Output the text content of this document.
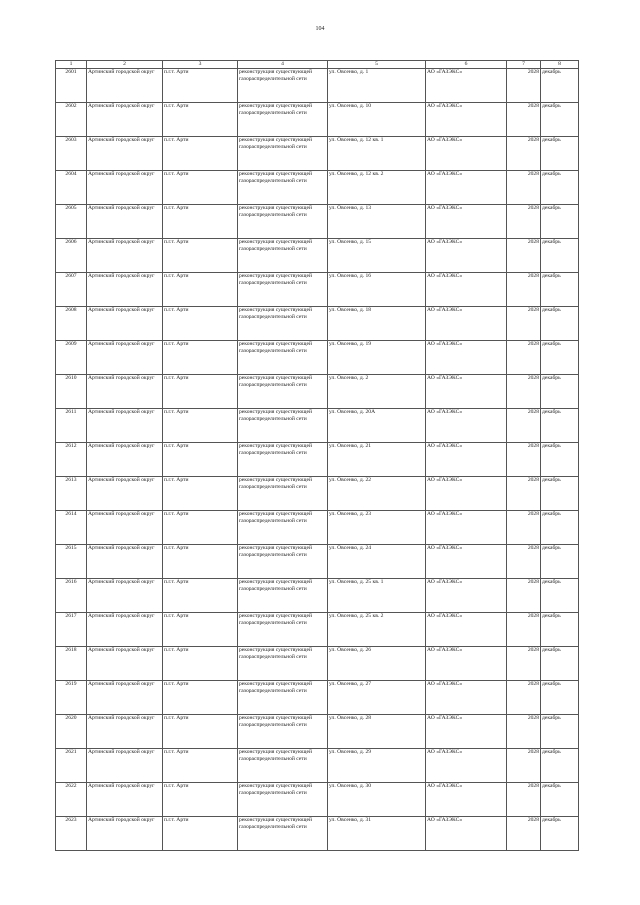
104
1	2	3	4	5	6	7	8
2601	Артинский городской округ	п.г.т. Арти	реконструкция существующей газораспределительной сети	ул. Овсенко, д. 1	АО «ГАЗЭКС»	2028	декабрь
2602	Артинский городской округ	п.г.т. Арти	реконструкция существующей газораспределительной сети	ул. Овсенко, д. 10	АО «ГАЗЭКС»	2028	декабрь
2603	Артинский городской округ	п.г.т. Арти	реконструкция существующей газораспределительной сети	ул. Овсенко, д. 12 кв. 1	АО «ГАЗЭКС»	2028	декабрь
2604	Артинский городской округ	п.г.т. Арти	реконструкция существующей газораспределительной сети	ул. Овсенко, д. 12 кв. 2	АО «ГАЗЭКС»	2028	декабрь
2605	Артинский городской округ	п.г.т. Арти	реконструкция существующей газораспределительной сети	ул. Овсенко, д. 13	АО «ГАЗЭКС»	2028	декабрь
2606	Артинский городской округ	п.г.т. Арти	реконструкция существующей газораспределительной сети	ул. Овсенко, д. 15	АО «ГАЗЭКС»	2028	декабрь
2607	Артинский городской округ	п.г.т. Арти	реконструкция существующей газораспределительной сети	ул. Овсенко, д. 16	АО «ГАЗЭКС»	2028	декабрь
2608	Артинский городской округ	п.г.т. Арти	реконструкция существующей газораспределительной сети	ул. Овсенко, д. 18	АО «ГАЗЭКС»	2028	декабрь
2609	Артинский городской округ	п.г.т. Арти	реконструкция существующей газораспределительной сети	ул. Овсенко, д. 19	АО «ГАЗЭКС»	2028	декабрь
2610	Артинский городской округ	п.г.т. Арти	реконструкция существующей газораспределительной сети	ул. Овсенко, д. 2	АО «ГАЗЭКС»	2028	декабрь
2611	Артинский городской округ	п.г.т. Арти	реконструкция существующей газораспределительной сети	ул. Овсенко, д. 20А	АО «ГАЗЭКС»	2028	декабрь
2612	Артинский городской округ	п.г.т. Арти	реконструкция существующей газораспределительной сети	ул. Овсенко, д. 21	АО «ГАЗЭКС»	2028	декабрь
2613	Артинский городской округ	п.г.т. Арти	реконструкция существующей газораспределительной сети	ул. Овсенко, д. 22	АО «ГАЗЭКС»	2028	декабрь
2614	Артинский городской округ	п.г.т. Арти	реконструкция существующей газораспределительной сети	ул. Овсенко, д. 23	АО «ГАЗЭКС»	2028	декабрь
2615	Артинский городской округ	п.г.т. Арти	реконструкция существующей газораспределительной сети	ул. Овсенко, д. 24	АО «ГАЗЭКС»	2028	декабрь
2616	Артинский городской округ	п.г.т. Арти	реконструкция существующей газораспределительной сети	ул. Овсенко, д. 25 кв. 1	АО «ГАЗЭКС»	2028	декабрь
2617	Артинский городской округ	п.г.т. Арти	реконструкция существующей газораспределительной сети	ул. Овсенко, д. 25 кв. 2	АО «ГАЗЭКС»	2028	декабрь
2618	Артинский городской округ	п.г.т. Арти	реконструкция существующей газораспределительной сети	ул. Овсенко, д. 26	АО «ГАЗЭКС»	2028	декабрь
2619	Артинский городской округ	п.г.т. Арти	реконструкция существующей газораспределительной сети	ул. Овсенко, д. 27	АО «ГАЗЭКС»	2028	декабрь
2620	Артинский городской округ	п.г.т. Арти	реконструкция существующей газораспределительной сети	ул. Овсенко, д. 28	АО «ГАЗЭКС»	2028	декабрь
2621	Артинский городской округ	п.г.т. Арти	реконструкция существующей газораспределительной сети	ул. Овсенко, д. 29	АО «ГАЗЭКС»	2028	декабрь
2622	Артинский городской округ	п.г.т. Арти	реконструкция существующей газораспределительной сети	ул. Овсенко, д. 30	АО «ГАЗЭКС»	2028	декабрь
2623	Артинский городской округ	п.г.т. Арти	реконструкция существующей газораспределительной сети	ул. Овсенко, д. 31	АО «ГАЗЭКС»	2028	декабрь
